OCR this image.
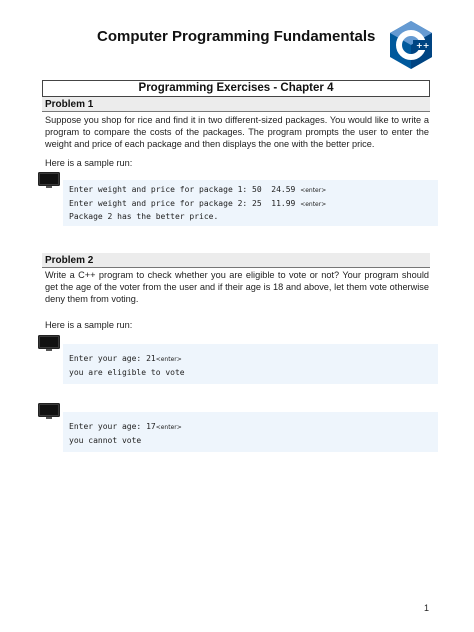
Computer Programming Fundamentals
++
Programming Exercises - Chapter 4
Problem 1
Suppose you shop for rice and find it in two different-sized packages. You would like to write a program to compare the costs of the packages. The program prompts the user to enter the weight and price of each package and then displays the one with the better price.
Here is a sample run:
Enter weight and price for package 1: 50  24.59 <enter>
Enter weight and price for package 2: 25  11.99 <enter>
Package 2 has the better price.
Problem 2
Write a C++ program to check whether you are eligible to vote or not? Your program should get the age of the voter from the user and if their age is 18 and above, let them vote otherwise deny them from voting.
Here is a sample run:
Enter your age: 21<enter>
you are eligible to vote
Enter your age: 17<enter>
you cannot vote
1
